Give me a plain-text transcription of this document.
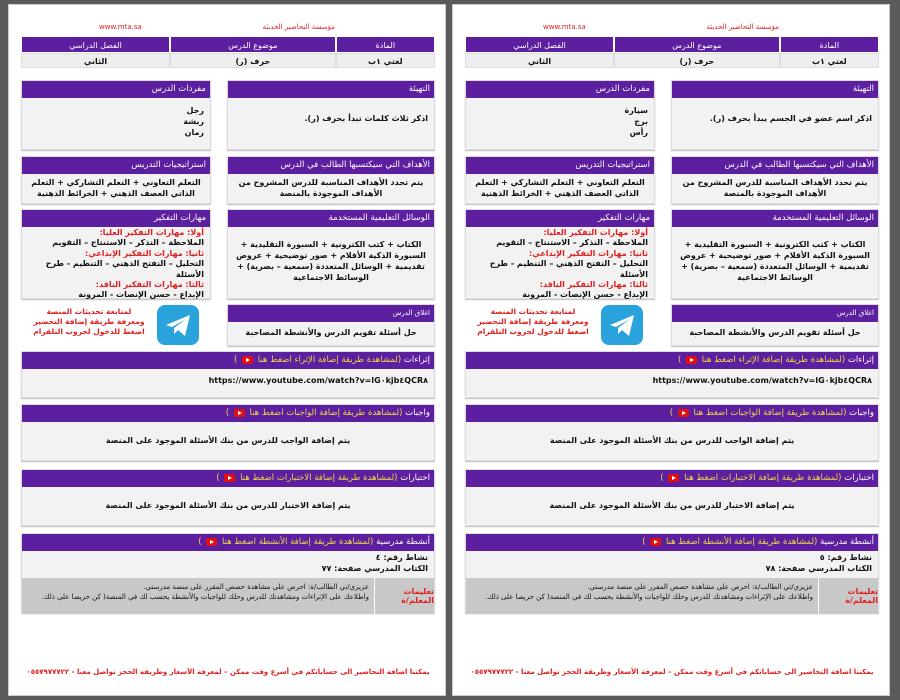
www.mta.sa	مؤسسة التحاضير الحديثة
الفصل الدراسي	موضوع الدرس	المادة
الثاني	حرف (ر)	لغتي ١ب
التهيئة
اذكر ثلاث كلمات تبدأ بحرف (ر).
مفردات الدرس
رجل
ريشة
رمان
الأهداف التي سيكتسبها الطالب في الدرس
يتم تحدد الأهداف المناسبة للدرس المشروح من الأهداف الموجودة بالمنصة
استراتيجيات التدريس
التعلم التعاوني + التعلم التشاركي + التعلم الذاتي العصف الذهني + الخرائط الذهنية
الوسائل التعليمية المستخدمة
الكتاب + كتب الكترونية + السبورة التقليدية + السبورة الذكية الأقلام + صور توضيحية + عروض تقديمية + الوسائل المتعددة (سمعية – بصرية) + الوسائط الاجتماعية
مهارات التفكير
أولا: مهارات التفكير العليا:
الملاحظة – التذكر – الاستنتاج – التقويم
ثانيا: مهارات التفكير الإبداعي:
التحليل – التفتح الذهني – التنظيم - طرح الأسئلة
ثالثا: مهارات التفكير الناقد:
الإبداع - حسن الإنصات - المرونة
لمتابعة تحديثات المنصة
ومعرفة طريقة إضافة التحضير
اضغط للدخول لجروب التلقرام
اغلاق الدرس
حل أسئلة تقويم الدرس والأنشطة المصاحبة
إثراءات (لمشاهدة طريقة إضافة الإثراء اضغط هنا  )
https://www.youtube.com/watch?v=lG٠kjb٤QCR٨
واجبات (لمشاهدة طريقة إضافة الواجبات اضغط هنا  )
يتم إضافة الواجب للدرس من بنك الأسئلة الموجود على المنصة
اختبارات (لمشاهدة طريقة إضافة الاختبارات اضغط هنا  )
يتم إضافة الاختبار للدرس من بنك الأسئلة الموجود على المنصة
أنشطة مدرسية (لمشاهدة طريقة إضافة الأنشطة اضغط هنا  )
نشاط رقم: ٤
الكتاب المدرسي صفحة: ٧٧
تعليمات المعلم/ة
عزيزي/تي الطالب/ة: احرص على مشاهدة حصص المقرر على منصة مدرستي.
واطلاعك على الإثراءات ومشاهدتك للدرس وحلك للواجبات والأنشطة يحسب لك في المنصة( كن حريصا على ذلك.
يمكننا اضافة التحاضير الى حساباتكم في أسرع وقت ممكن – لمعرفة الأسعار وطريقة الحجز تواصل معنا - ٠٥٥٧٩٧٧٧٢٢
www.mta.sa	مؤسسة التحاضير الحديثة
الفصل الدراسي	موضوع الدرس	المادة
الثاني	حرف (ر)	لغتي ١ب
التهيئة
اذكر اسم عضو في الجسم يبدأ بحرف (ر).
مفردات الدرس
سيارة
برج
رأس
الأهداف التي سيكتسبها الطالب في الدرس
يتم تحدد الأهداف المناسبة للدرس المشروح من الأهداف الموجودة بالمنصة
استراتيجيات التدريس
التعلم التعاوني + التعلم التشاركي + التعلم الذاتي العصف الذهني + الخرائط الذهنية
الوسائل التعليمية المستخدمة
الكتاب + كتب الكترونية + السبورة التقليدية + السبورة الذكية الأقلام + صور توضيحية + عروض تقديمية + الوسائل المتعددة (سمعية – بصرية) + الوسائط الاجتماعية
مهارات التفكير
أولا: مهارات التفكير العليا:
الملاحظة – التذكر – الاستنتاج – التقويم
ثانيا: مهارات التفكير الإبداعي:
التحليل – التفتح الذهني – التنظيم - طرح الأسئلة
ثالثا: مهارات التفكير الناقد:
الإبداع - حسن الإنصات - المرونة
لمتابعة تحديثات المنصة
ومعرفة طريقة إضافة التحضير
اضغط للدخول لجروب التلقرام
اغلاق الدرس
حل أسئلة تقويم الدرس والأنشطة المصاحبة
إثراءات (لمشاهدة طريقة إضافة الإثراء اضغط هنا  )
https://www.youtube.com/watch?v=lG٠kjb٤QCR٨
واجبات (لمشاهدة طريقة إضافة الواجبات اضغط هنا  )
يتم إضافة الواجب للدرس من بنك الأسئلة الموجود على المنصة
اختبارات (لمشاهدة طريقة إضافة الاختبارات اضغط هنا  )
يتم إضافة الاختبار للدرس من بنك الأسئلة الموجود على المنصة
أنشطة مدرسية (لمشاهدة طريقة إضافة الأنشطة اضغط هنا  )
نشاط رقم: ٥
الكتاب المدرسي صفحة: ٧٨
تعليمات المعلم/ة
عزيزي/تي الطالب/ة: احرص على مشاهدة حصص المقرر على منصة مدرستي.
واطلاعك على الإثراءات ومشاهدتك للدرس وحلك للواجبات والأنشطة يحسب لك في المنصة( كن حريصا على ذلك.
يمكننا اضافة التحاضير الى حساباتكم في أسرع وقت ممكن – لمعرفة الأسعار وطريقة الحجز تواصل معنا - ٠٥٥٧٩٧٧٧٢٢
